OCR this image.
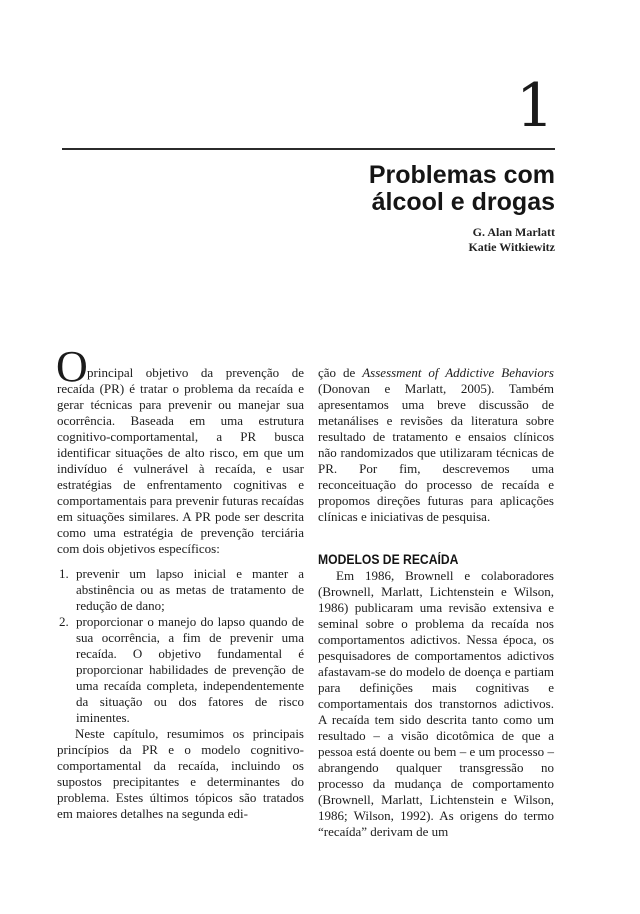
1
Problemas com
álcool e drogas
G. Alan Marlatt
Katie Witkiewitz
O principal objetivo da prevenção de recaída (PR) é tratar o problema da recaída e gerar técnicas para prevenir ou manejar sua ocorrência. Baseada em uma estrutura cognitivo-comportamental, a PR busca identificar situações de alto risco, em que um indivíduo é vulnerável à recaída, e usar estratégias de enfrentamento cognitivas e comportamentais para prevenir futuras recaídas em situações similares. A PR pode ser descrita como uma estratégia de prevenção terciária com dois objetivos específicos:

1. prevenir um lapso inicial e manter a abstinência ou as metas de tratamento de redução de dano;
2. proporcionar o manejo do lapso quando de sua ocorrência, a fim de prevenir uma recaída. O objetivo fundamental é proporcionar habilidades de prevenção de uma recaída completa, independentemente da situação ou dos fatores de risco iminentes.

Neste capítulo, resumimos os principais princípios da PR e o modelo cognitivo-comportamental da recaída, incluindo os supostos precipitantes e determinantes do problema. Estes últimos tópicos são tratados em maiores detalhes na segunda edi-

ção de Assessment of Addictive Behaviors (Donovan e Marlatt, 2005). Também apresentamos uma breve discussão de metanálises e revisões da literatura sobre resultado de tratamento e ensaios clínicos não randomizados que utilizaram técnicas de PR. Por fim, descrevemos uma reconceituação do processo de recaída e propomos direções futuras para aplicações clínicas e iniciativas de pesquisa.

MODELOS DE RECAÍDA

Em 1986, Brownell e colaboradores (Brownell, Marlatt, Lichtenstein e Wilson, 1986) publicaram uma revisão extensiva e seminal sobre o problema da recaída nos comportamentos adictivos. Nessa época, os pesquisadores de comportamentos adictivos afastavam-se do modelo de doença e partiam para definições mais cognitivas e comportamentais dos transtornos adictivos. A recaída tem sido descrita tanto como um resultado – a visão dicotômica de que a pessoa está doente ou bem – e um processo – abrangendo qualquer transgressão no processo da mudança de comportamento (Brownell, Marlatt, Lichtenstein e Wilson, 1986; Wilson, 1992). As origens do termo “recaída” derivam de um
